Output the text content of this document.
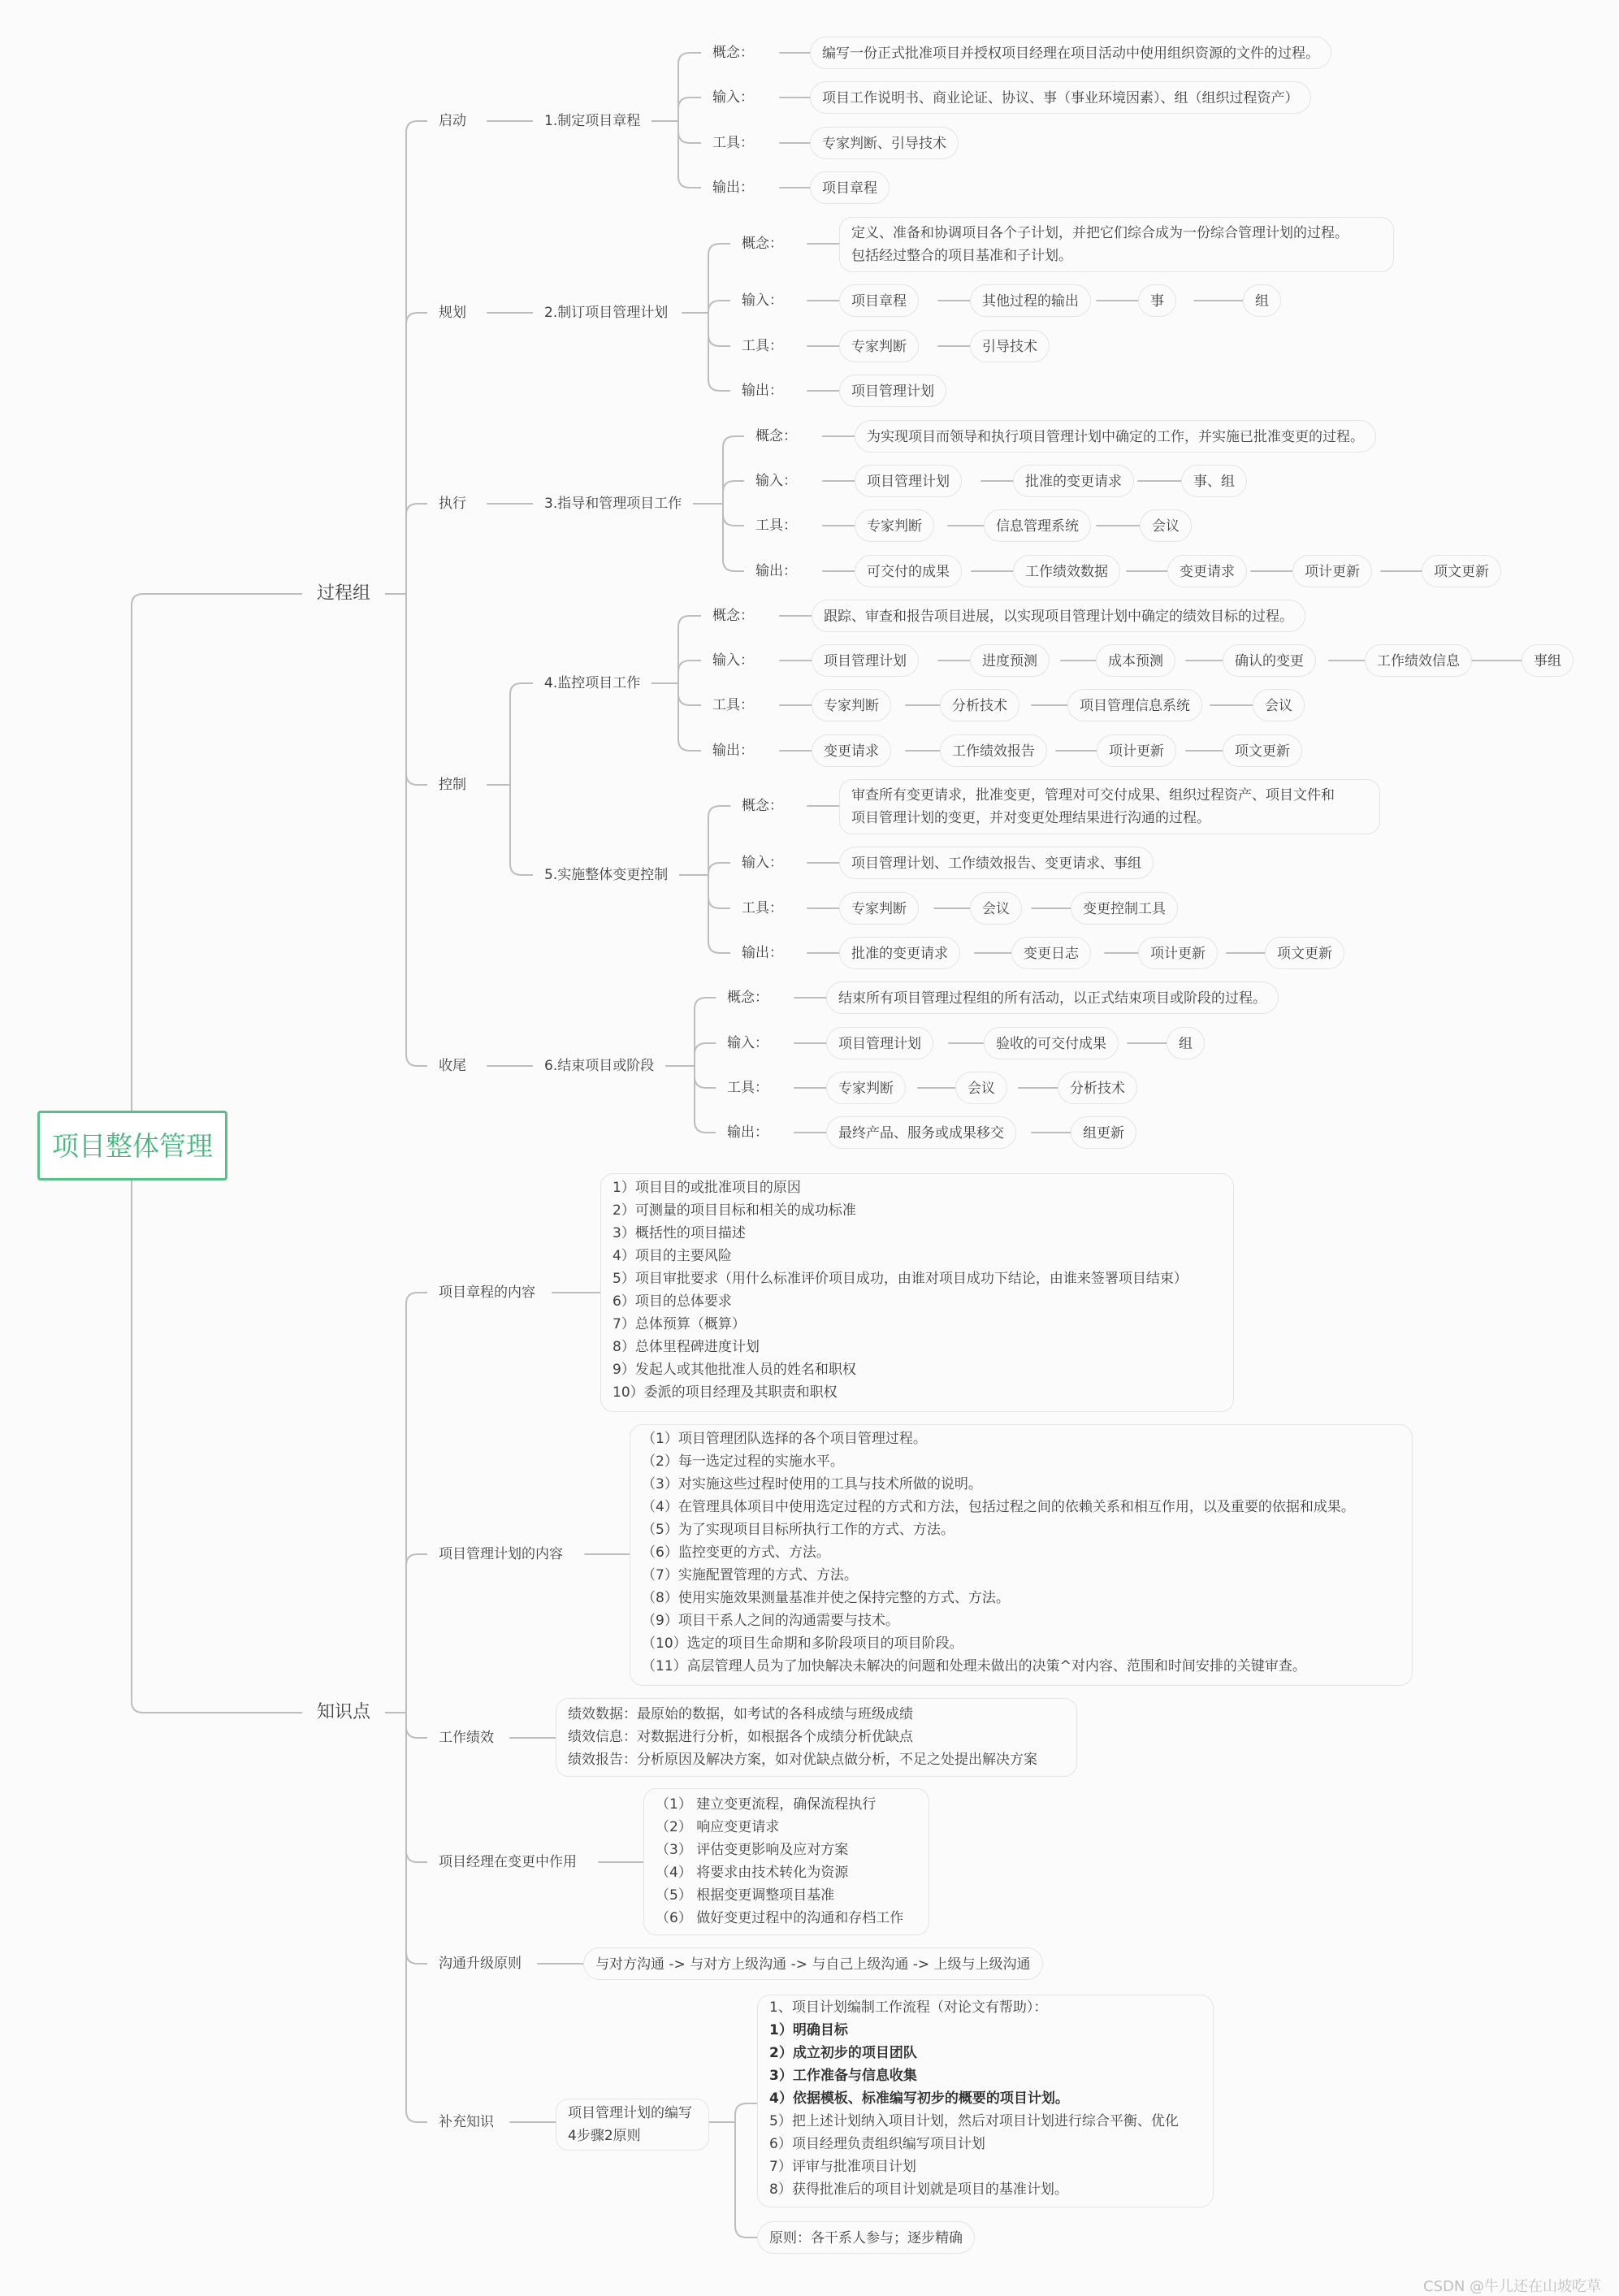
项目整体管理
过程组
知识点
启动
规划
执行
控制
收尾
1.制定项目章程
2.制订项目管理计划
3.指导和管理项目工作
4.监控项目工作
5.实施整体变更控制
6.结束项目或阶段
概念：	编写一份正式批准项目并授权项目经理在项目活动中使用组织资源的文件的过程。
输入：	项目工作说明书、商业论证、协议、事（事业环境因素）、组（组织过程资产）
工具：	专家判断、引导技术
输出：	项目章程
概念：
定义、准备和协调项目各个子计划，并把它们综合成为一份综合管理计划的过程。
包括经过整合的项目基准和子计划。
输入：	项目章程	其他过程的输出	事	组
工具：	专家判断	引导技术
输出：	项目管理计划
概念：	为实现项目而领导和执行项目管理计划中确定的工作，并实施已批准变更的过程。
输入：	项目管理计划	批准的变更请求	事、组
工具：	专家判断	信息管理系统	会议
输出：	可交付的成果	工作绩效数据	变更请求	项计更新	项文更新
概念：	跟踪、审查和报告项目进展，以实现项目管理计划中确定的绩效目标的过程。
输入：	项目管理计划	进度预测	成本预测	确认的变更	工作绩效信息	事组
工具：	专家判断	分析技术	项目管理信息系统	会议
输出：	变更请求	工作绩效报告	项计更新	项文更新
概念：
审查所有变更请求，批准变更，管理对可交付成果、组织过程资产、项目文件和
项目管理计划的变更，并对变更处理结果进行沟通的过程。
输入：	项目管理计划、工作绩效报告、变更请求、事组
工具：	专家判断	会议	变更控制工具
输出：	批准的变更请求	变更日志	项计更新	项文更新
概念：	结束所有项目管理过程组的所有活动，以正式结束项目或阶段的过程。
输入：	项目管理计划	验收的可交付成果	组
工具：	专家判断	会议	分析技术
输出：	最终产品、服务或成果移交	组更新
项目章程的内容
1）项目目的或批准项目的原因
2）可测量的项目目标和相关的成功标准
3）概括性的项目描述
4）项目的主要风险
5）项目审批要求（用什么标准评价项目成功，由谁对项目成功下结论，由谁来签署项目结束）
6）项目的总体要求
7）总体预算（概算）
8）总体里程碑进度计划
9）发起人或其他批准人员的姓名和职权
10）委派的项目经理及其职责和职权
项目管理计划的内容
（1）项目管理团队选择的各个项目管理过程。
（2）每一选定过程的实施水平。
（3）对实施这些过程时使用的工具与技术所做的说明。
（4）在管理具体项目中使用选定过程的方式和方法，包括过程之间的依赖关系和相互作用，以及重要的依据和成果。
（5）为了实现项目目标所执行工作的方式、方法。
（6）监控变更的方式、方法。
（7）实施配置管理的方式、方法。
（8）使用实施效果测量基准并使之保持完整的方式、方法。
（9）项目干系人之间的沟通需要与技术。
（10）选定的项目生命期和多阶段项目的项目阶段。
（11）高层管理人员为了加快解决未解决的问题和处理未做出的决策^对内容、范围和时间安排的关键审查。
工作绩效
绩效数据：最原始的数据，如考试的各科成绩与班级成绩
绩效信息：对数据进行分析，如根据各个成绩分析优缺点
绩效报告：分析原因及解决方案，如对优缺点做分析，不足之处提出解决方案
项目经理在变更中作用
（1） 建立变更流程，确保流程执行
（2） 响应变更请求
（3） 评估变更影响及应对方案
（4） 将要求由技术转化为资源
（5） 根据变更调整项目基准
（6） 做好变更过程中的沟通和存档工作
沟通升级原则	与对方沟通 -> 与对方上级沟通 -> 与自己上级沟通 -> 上级与上级沟通
补充知识
项目管理计划的编写
4步骤2原则
1、项目计划编制工作流程（对论文有帮助）：
1）明确目标
2）成立初步的项目团队
3）工作准备与信息收集
4）依据模板、标准编写初步的概要的项目计划。
5）把上述计划纳入项目计划，然后对项目计划进行综合平衡、优化
6）项目经理负责组织编写项目计划
7）评审与批准项目计划
8）获得批准后的项目计划就是项目的基准计划。
原则：各干系人参与；逐步精确
CSDN @牛儿还在山坡吃草
